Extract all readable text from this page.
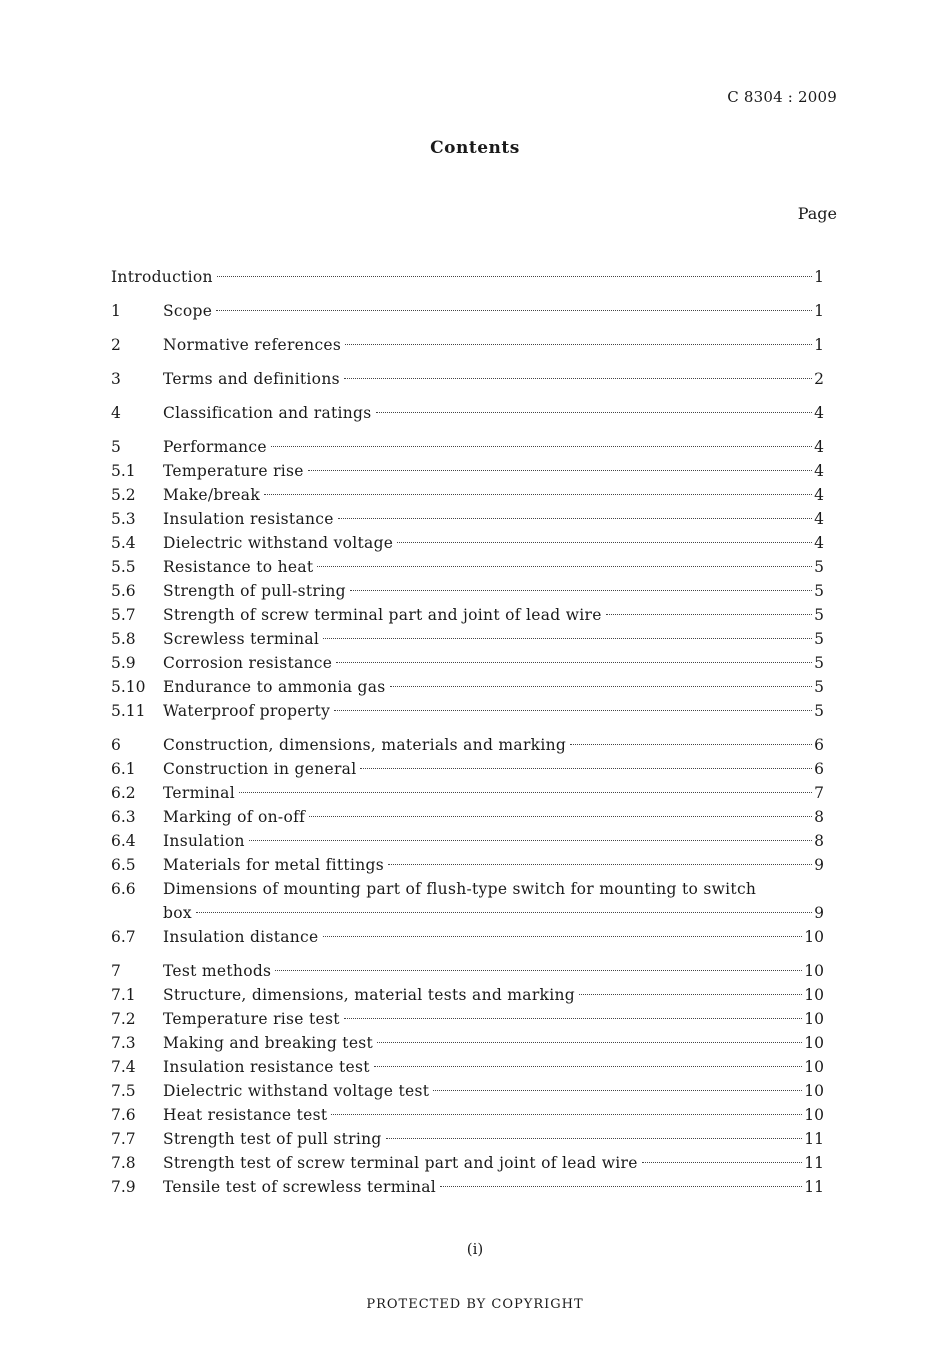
C 8304 : 2009
Contents
Page
Introduction	1
1	Scope	1
2	Normative references	1
3	Terms and definitions	2
4	Classification and ratings	4
5	Performance	4
5.1	Temperature rise	4
5.2	Make/break	4
5.3	Insulation resistance	4
5.4	Dielectric withstand voltage	4
5.5	Resistance to heat	5
5.6	Strength of pull-string	5
5.7	Strength of screw terminal part and joint of lead wire	5
5.8	Screwless terminal	5
5.9	Corrosion resistance	5
5.10	Endurance to ammonia gas	5
5.11	Waterproof property	5
6	Construction, dimensions, materials and marking	6
6.1	Construction in general	6
6.2	Terminal	7
6.3	Marking of on-off	8
6.4	Insulation	8
6.5	Materials for metal fittings	9
6.6	Dimensions of mounting part of flush-type switch for mounting to switch
box	9
6.7	Insulation distance	10
7	Test methods	10
7.1	Structure, dimensions, material tests and marking	10
7.2	Temperature rise test	10
7.3	Making and breaking test	10
7.4	Insulation resistance test	10
7.5	Dielectric withstand voltage test	10
7.6	Heat resistance test	10
7.7	Strength test of pull string	11
7.8	Strength test of screw terminal part and joint of lead wire	11
7.9	Tensile test of screwless terminal	11
(i)
PROTECTED BY COPYRIGHT
